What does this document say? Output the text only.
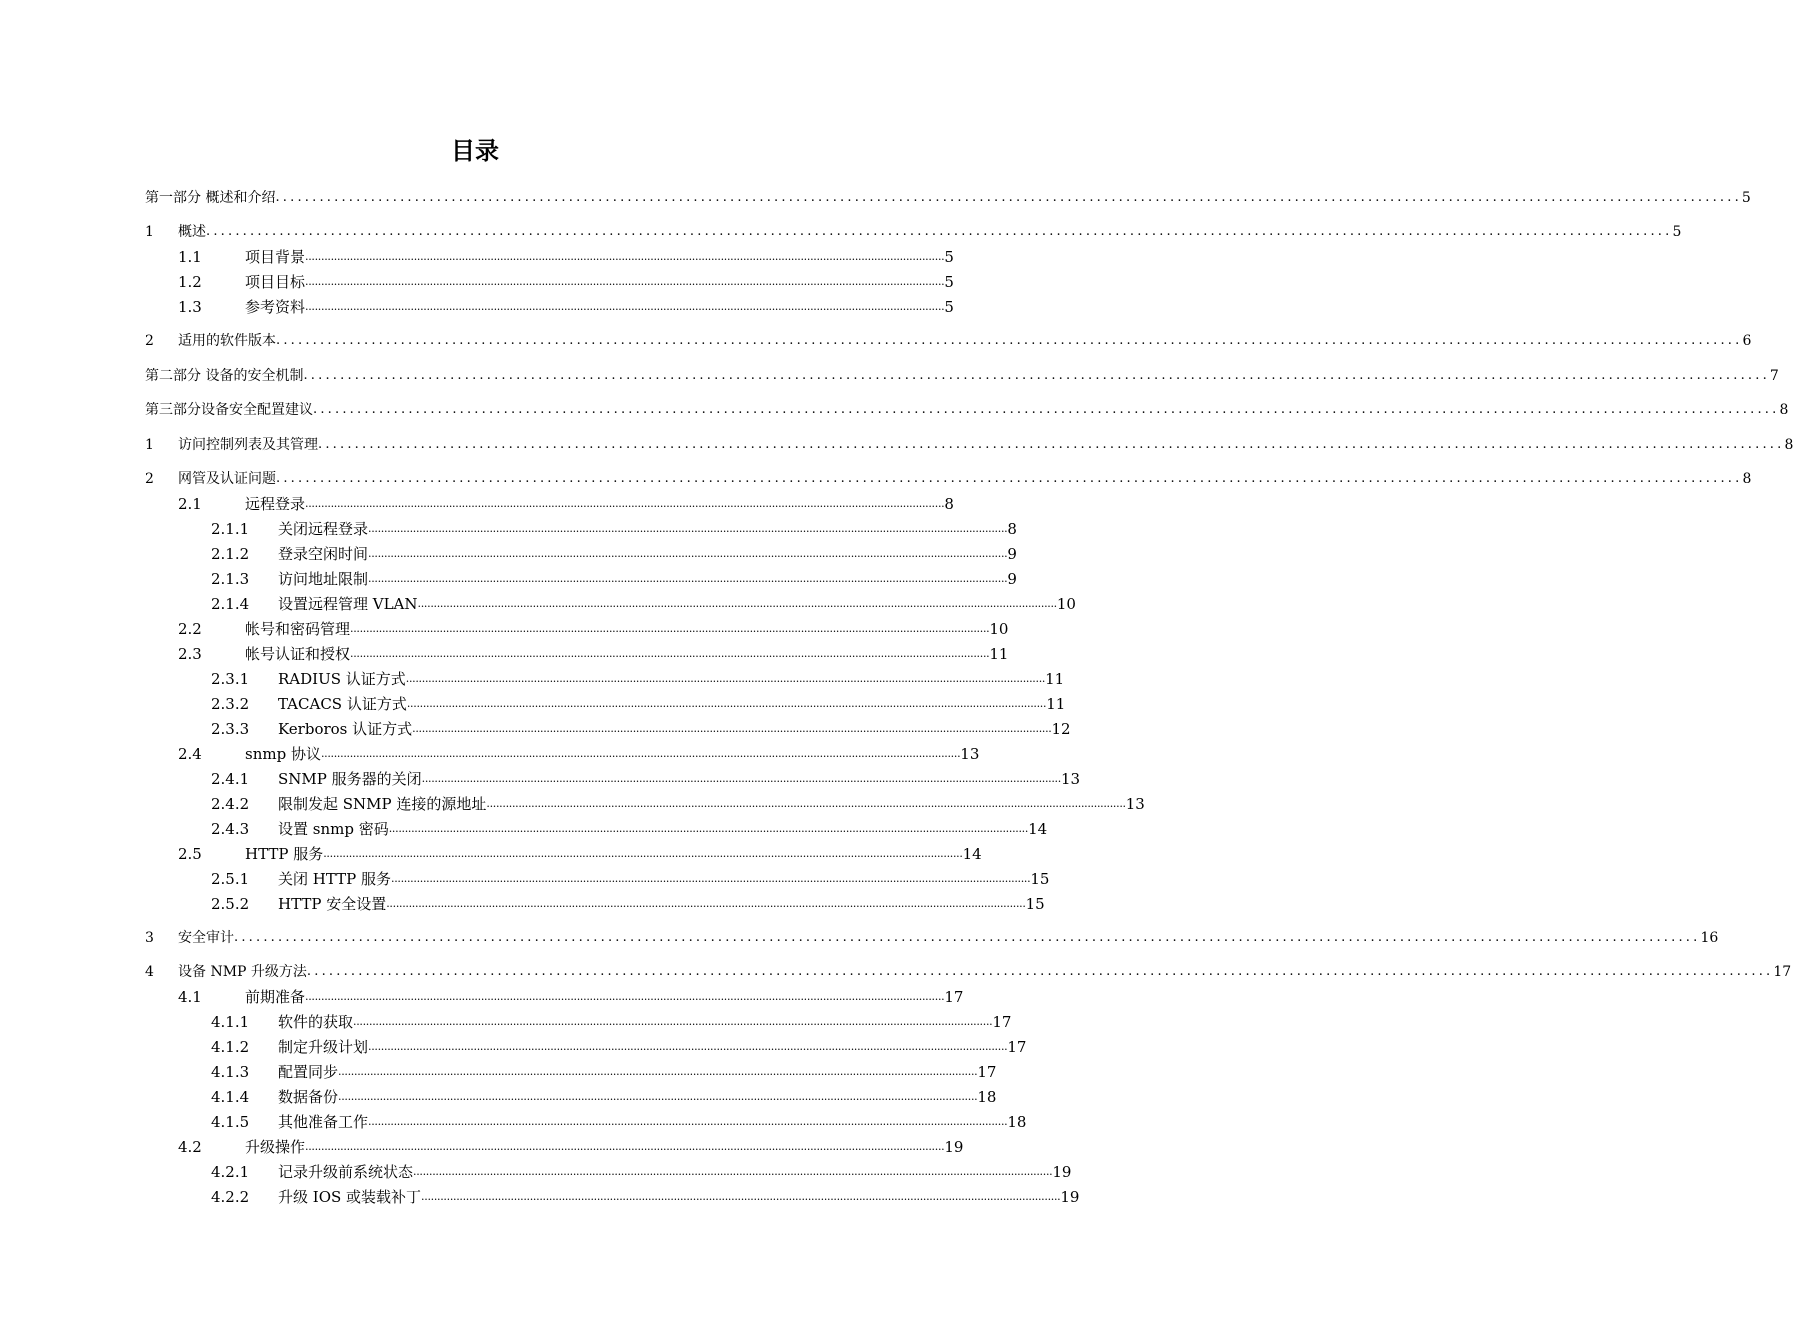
目录
第一部分 概述和介绍 ........................................................................................................................................................................................................ 5
1	概述 ........................................................................................................................................................................................................ 5
1.1	项目背景 ........................................................................................................................................................................................................ 5
1.2	项目目标 ........................................................................................................................................................................................................ 5
1.3	参考资料 ........................................................................................................................................................................................................ 5
2	适用的软件版本 ........................................................................................................................................................................................................ 6
第二部分 设备的安全机制 ........................................................................................................................................................................................................ 7
第三部分设备安全配置建议 ........................................................................................................................................................................................................ 8
1	访问控制列表及其管理 ........................................................................................................................................................................................................ 8
2	网管及认证问题 ........................................................................................................................................................................................................ 8
2.1	远程登录 ........................................................................................................................................................................................................ 8
2.1.1	关闭远程登录 ........................................................................................................................................................................................................ 8
2.1.2	登录空闲时间 ........................................................................................................................................................................................................ 9
2.1.3	访问地址限制 ........................................................................................................................................................................................................ 9
2.1.4	设置远程管理 VLAN ........................................................................................................................................................................................................ 10
2.2	帐号和密码管理 ........................................................................................................................................................................................................ 10
2.3	帐号认证和授权 ........................................................................................................................................................................................................ 11
2.3.1	RADIUS 认证方式 ........................................................................................................................................................................................................ 11
2.3.2	TACACS 认证方式 ........................................................................................................................................................................................................ 11
2.3.3	Kerboros 认证方式 ........................................................................................................................................................................................................ 12
2.4	snmp 协议 ........................................................................................................................................................................................................ 13
2.4.1	SNMP 服务器的关闭 ........................................................................................................................................................................................................ 13
2.4.2	限制发起 SNMP 连接的源地址 ........................................................................................................................................................................................................ 13
2.4.3	设置 snmp 密码 ........................................................................................................................................................................................................ 14
2.5	HTTP 服务 ........................................................................................................................................................................................................ 14
2.5.1	关闭 HTTP 服务 ........................................................................................................................................................................................................ 15
2.5.2	HTTP 安全设置 ........................................................................................................................................................................................................ 15
3	安全审计 ........................................................................................................................................................................................................ 16
4	设备 NMP 升级方法 ........................................................................................................................................................................................................ 17
4.1	前期准备 ........................................................................................................................................................................................................ 17
4.1.1	软件的获取 ........................................................................................................................................................................................................ 17
4.1.2	制定升级计划 ........................................................................................................................................................................................................ 17
4.1.3	配置同步 ........................................................................................................................................................................................................ 17
4.1.4	数据备份 ........................................................................................................................................................................................................ 18
4.1.5	其他准备工作 ........................................................................................................................................................................................................ 18
4.2	升级操作 ........................................................................................................................................................................................................ 19
4.2.1	记录升级前系统状态 ........................................................................................................................................................................................................ 19
4.2.2	升级 IOS 或装载补丁 ........................................................................................................................................................................................................ 19
